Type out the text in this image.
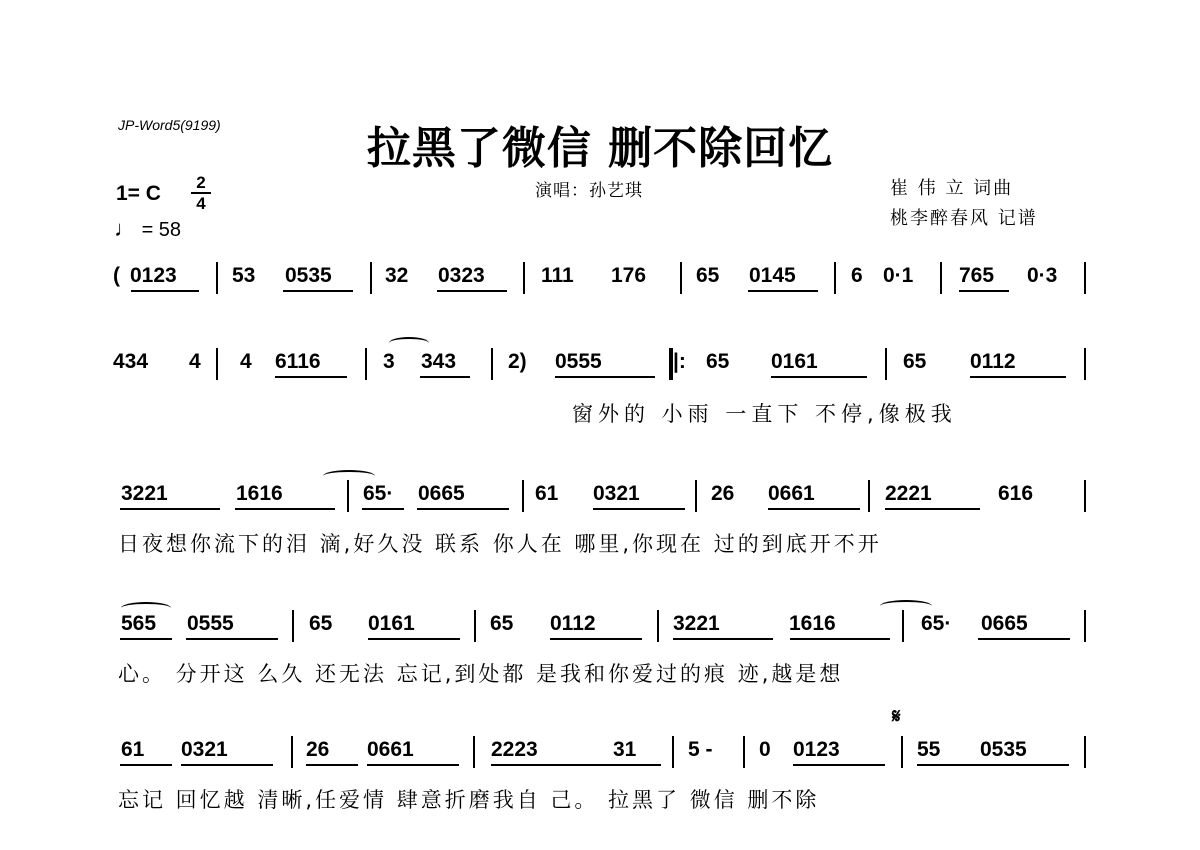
JP-Word5(9199)	拉黑了微信 删不除回忆
1= C	2
4
♩ = 58
演唱：孙艺琪	崔 伟 立 词曲
桃李醉春风 记谱
( 0123	53 0535	32 0323	111 176 65 0145	6 0·1 765 0·3
434 4 4 6116	3 343 2) 0555	|: 65 0161	65 0112
窗外的 小雨 一直下 不停,像极我
3221	1616	65· 0665	61 0321	26 0661	2221	616
日夜想你流下的泪 滴,好久没 联系 你人在 哪里,你现在 过的到底开不开
565 0555	65 0161	65 0112	3221	1616	65· 0665
心。 分开这 么久 还无法 忘记,到处都 是我和你爱过的痕 迹,越是想
𝄋
61 0321	26 0661	2223	31 5 - 0 0123	55 0535
忘记 回忆越 清晰,任爱情 肆意折磨我自 己。 拉黑了 微信 删不除
